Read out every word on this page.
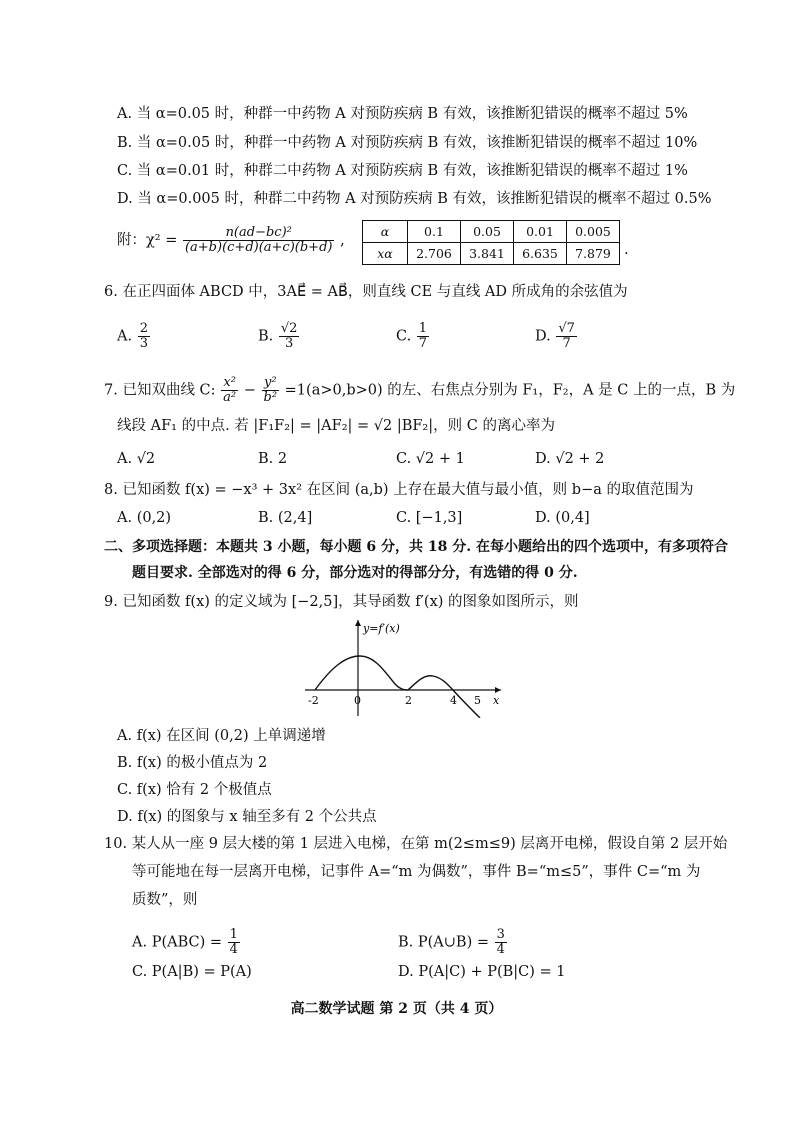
A. 当 α=0.05 时，种群一中药物 A 对预防疾病 B 有效，该推断犯错误的概率不超过 5%
B. 当 α=0.05 时，种群一中药物 A 对预防疾病 B 有效，该推断犯错误的概率不超过 10%
C. 当 α=0.01 时，种群二中药物 A 对预防疾病 B 有效，该推断犯错误的概率不超过 1%
D. 当 α=0.005 时，种群二中药物 A 对预防疾病 B 有效，该推断犯错误的概率不超过 0.5%
附：$\chi^2 = \frac{\text{n(ad−bc)²}}{(a+b)(c+d)(a+c)(b+d)}$ ,
α	0.1	0.05	0.01	0.005
xα	2.706	3.841	6.635	7.879 .
6. 在正四面体 ABCD 中，3AE⃗ = AB⃗，则直线 CE 与直线 AD 所成角的余弦值为
A. $\frac{2}{3}$	B. $\frac{√2}{3}$	C. $\frac{1}{7}$	D. $\frac{√7}{7}$
7. 已知双曲线 C: $\frac{\text{x²}}{\text{a²}} - \frac{\text{y²}}{\text{b²}} =1(a>0,b>0)$ 的左、右焦点分别为 F₁，F₂，A 是 C 上的一点，B 为
线段 AF₁ 的中点. 若 |F₁F₂| = |AF₂| = √2 |BF₂|，则 C 的离心率为
A. √2	B. 2	C. √2 + 1	D. √2 + 2
8. 已知函数 f(x) = −x³ + 3x² 在区间 (a,b) 上存在最大值与最小值，则 b−a 的取值范围为
A. (0,2)	B. (2,4]	C. [−1,3]	D. (0,4]
二、多项选择题：本题共 3 小题，每小题 6 分，共 18 分. 在每小题给出的四个选项中，有多项符合
题目要求. 全部选对的得 6 分，部分选对的得部分分，有选错的得 0 分.
9. 已知函数 f(x) 的定义域为 [−2,5]，其导函数 f′(x) 的图象如图所示，则
y=f′(x)
x
-2	0	2	4 5
A. f(x) 在区间 (0,2) 上单调递增
B. f(x) 的极小值点为 2
C. f(x) 恰有 2 个极值点
D. f(x) 的图象与 x 轴至多有 2 个公共点
10. 某人从一座 9 层大楼的第 1 层进入电梯，在第 m(2≤m≤9) 层离开电梯，假设自第 2 层开始
等可能地在每一层离开电梯，记事件 A=“m 为偶数”，事件 B=“m≤5”，事件 C=“m 为
质数”，则
A. $P(ABC) = \frac{1}{4}$	B. P(A∪B) = $\frac{3}{4}$
C. P(A|B) = P(A)	D. P(A|C) + P(B|C) = 1
高二数学试题 第 2 页（共 4 页）
